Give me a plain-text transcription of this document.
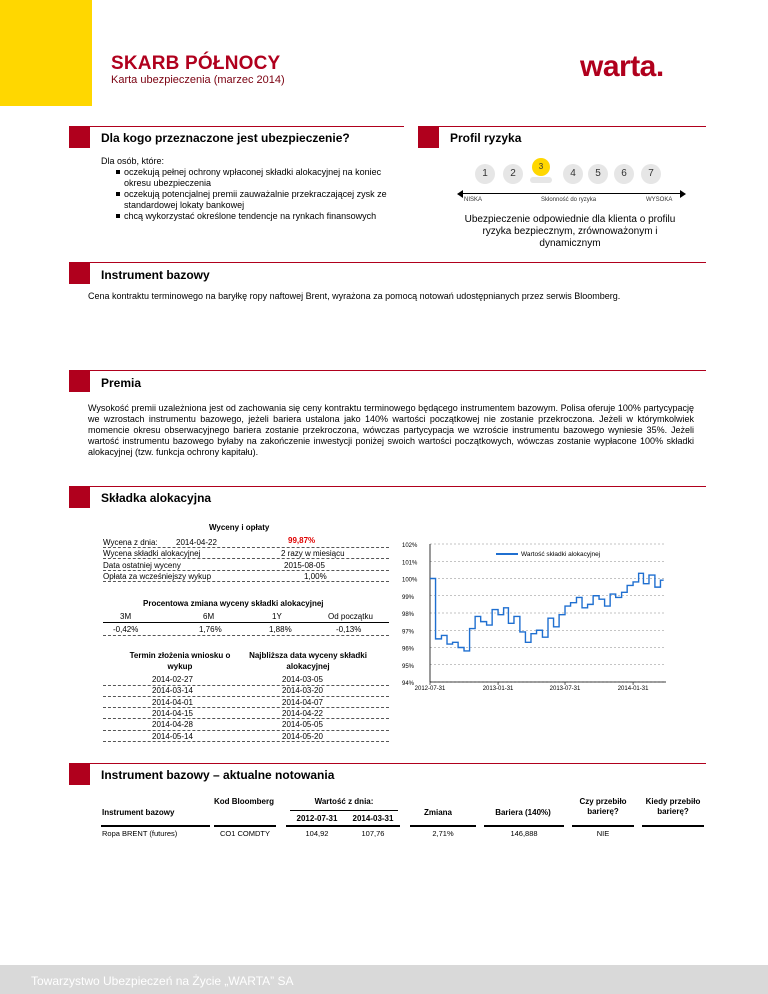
SKARB PÓŁNOCY
Karta ubezpieczenia (marzec 2014)	warta.
Dla kogo przeznaczone jest ubezpieczenie?
Dla osób, które:
oczekują pełnej ochrony wpłaconej składki alokacyjnej na koniec okresu ubezpieczenia
oczekują potencjalnej premii zauważalnie przekraczającej zysk ze standardowej lokaty bankowej
chcą wykorzystać określone tendencje na rynkach finansowych
Profil ryzyka
1	2
3
4	5	6	7
NISKA	Skłonność do ryzyka	WYSOKA
Ubezpieczenie odpowiednie dla klienta o profilu ryzyka bezpiecznym, zrównoważonym i dynamicznym
Instrument bazowy
Cena kontraktu terminowego na baryłkę ropy naftowej Brent, wyrażona za pomocą notowań udostępnianych przez serwis Bloomberg.
Premia
Wysokość premii uzależniona jest od zachowania się ceny kontraktu terminowego będącego instrumentem bazowym. Polisa oferuje 100% partycypację we wzrostach instrumentu bazowego, jeżeli bariera ustalona jako 140% wartości początkowej nie zostanie przekroczona. Jeżeli w którymkolwiek momencie okresu obserwacyjnego bariera zostanie przekroczona, wówczas partycypacja we wzroście instrumentu bazowego wyniesie 35%. Jeżeli wartość instrumentu bazowego byłaby na zakończenie inwestycji poniżej swoich wartości początkowych, wówczas zostanie wypłacone 100% składki alokacyjnej (tzw. funkcja ochrony kapitału).
Składka alokacyjna
Wyceny i opłaty
Wycena z dnia:	2014-04-22	99,87%
Wycena składki alokacyjnej	2 razy w miesiącu
Data ostatniej wyceny	2015-08-05
Opłata za wcześniejszy wykup	1,00%
Procentowa zmiana wyceny składki alokacyjnej
3M	6M	1Y	Od początku
-0,42%	1,76%	1,88%	-0,13%
Termin złożenia wniosku o wykup
Najbliższa data wyceny składki alokacyjnej
2014-02-27	2014-03-05
2014-03-14	2014-03-20
2014-04-01	2014-04-07
2014-04-15	2014-04-22
2014-04-28	2014-05-05
2014-05-14	2014-05-20
94%
95%
96%
97%
98%
99%
100%
101%
102%
2012-07-31	2013-01-31	2013-07-31	2014-01-31
Wartość składki alokacyjnej
Instrument bazowy – aktualne notowania
Instrument bazowy
Kod Bloomberg	Wartość z dnia:
2012-07-31	2014-03-31
Zmiana	Bariera (140%)
Czy przebiło barierę?
Kiedy przebiło barierę?
Ropa BRENT (futures)	CO1 COMDTY	104,92	107,76	2,71%	146,888	NIE
Towarzystwo Ubezpieczeń na Życie „WARTA” SA
